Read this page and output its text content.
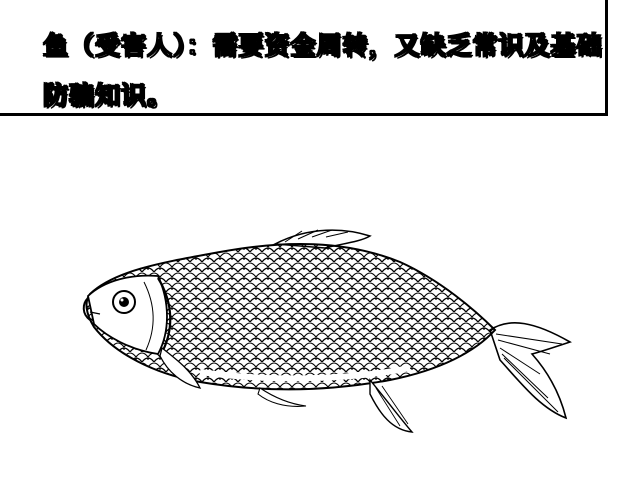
鱼（受害人）：需要资金周转，又缺乏常识及基础防骗知识。
